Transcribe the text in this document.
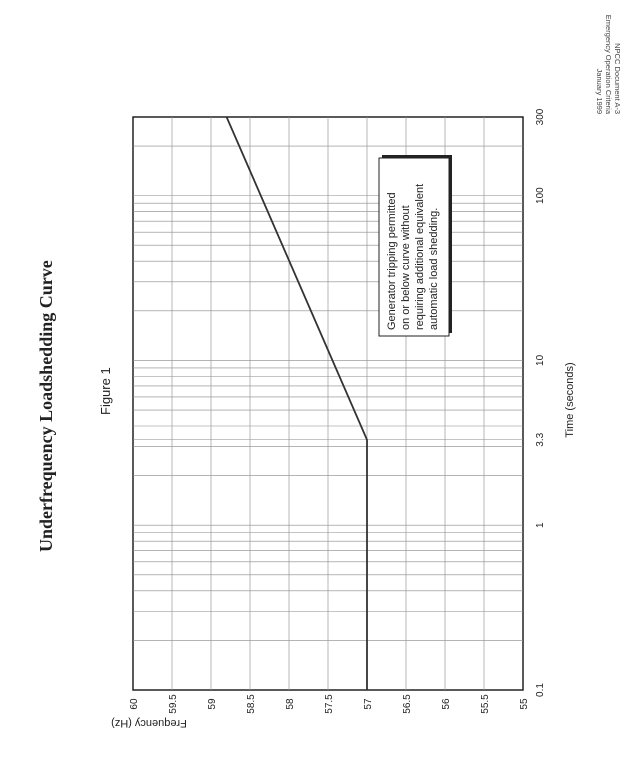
NPCC Document A-3
Emergency Operation Criteria
January 1999
Underfrequency Loadshedding Curve	Figure 1	Time (seconds)
Frequency (Hz)
55
55.5
56
56.5
57
57.5
58
58.5
59
59.5
60
0.1
1
3.3
10
100
300
Generator tripping permitted on or below curve without requiring additional equivalent automatic load shedding.
